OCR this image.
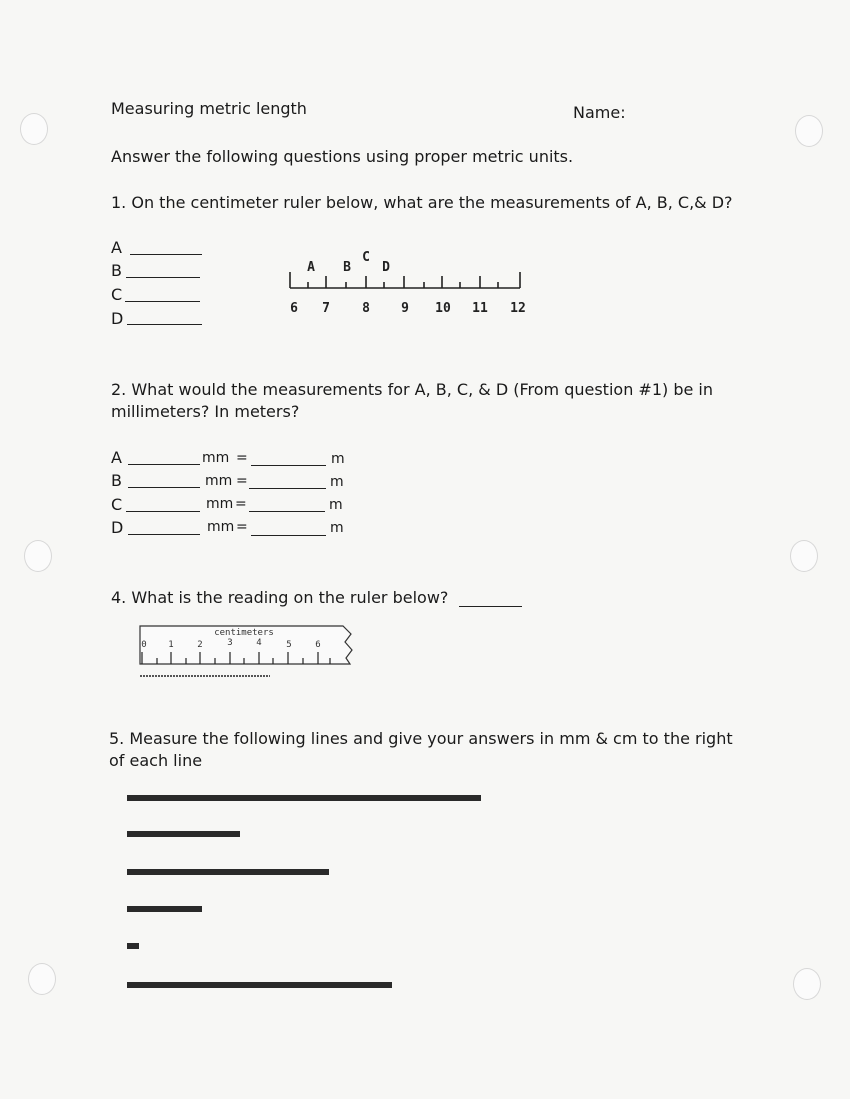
Measuring metric length	Name:
Answer the following questions using proper metric units.
1. On the centimeter ruler below, what are the measurements of A, B, C,& D?
A
B
C
D
A B
C
D
6 7 8 9 10 11 12
2. What would the measurements for A, B, C, & D (From question #1) be in
millimeters? In meters?
A	mm =	m
B	mm =	m
C	mm =	m
D	mm =	m
4. What is the reading on the ruler below?
centimeters
0 1	2	3	4	5	6
5. Measure the following lines and give your answers in mm & cm to the right
of each line
